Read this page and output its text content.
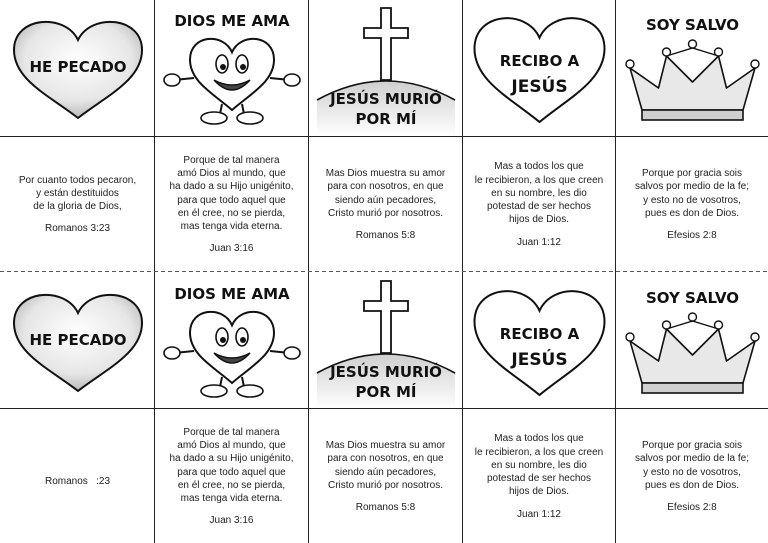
HE PECADO
DIOS ME AMA
JESÚS MURIÓ
POR MÍ
RECIBO A
JESÚS
SOY SALVO
Por cuanto todos pecaron,
y están destituidos
de la gloria de Dios,
Romanos 3:23
Porque de tal manera
amó Dios al mundo, que
ha dado a su Hijo unigénito,
para que todo aquel que
en él cree, no se pierda,
mas tenga vida eterna.
Juan 3:16
Mas Dios muestra su amor
para con nosotros, en que
siendo aún pecadores,
Cristo murió por nosotros.
Romanos 5:8
Mas a todos los que
le recibieron, a los que creen
en su nombre, les dio
potestad de ser hechos
hijos de Dios.
Juan 1:12
Porque por gracia sois
salvos por medio de la fe;
y esto no de vosotros,
pues es don de Dios.
Efesios 2:8
HE PECADO
DIOS ME AMA
JESÚS MURIÓ
POR MÍ
RECIBO A
JESÚS
SOY SALVO
Romanos   :23
Porque de tal manera
amó Dios al mundo, que
ha dado a su Hijo unigénito,
para que todo aquel que
en él cree, no se pierda,
mas tenga vida eterna.
Juan 3:16
Mas Dios muestra su amor
para con nosotros, en que
siendo aún pecadores,
Cristo murió por nosotros.
Romanos 5:8
Mas a todos los que
le recibieron, a los que creen
en su nombre, les dio
potestad de ser hechos
hijos de Dios.
Juan 1:12
Porque por gracia sois
salvos por medio de la fe;
y esto no de vosotros,
pues es don de Dios.
Efesios 2:8
